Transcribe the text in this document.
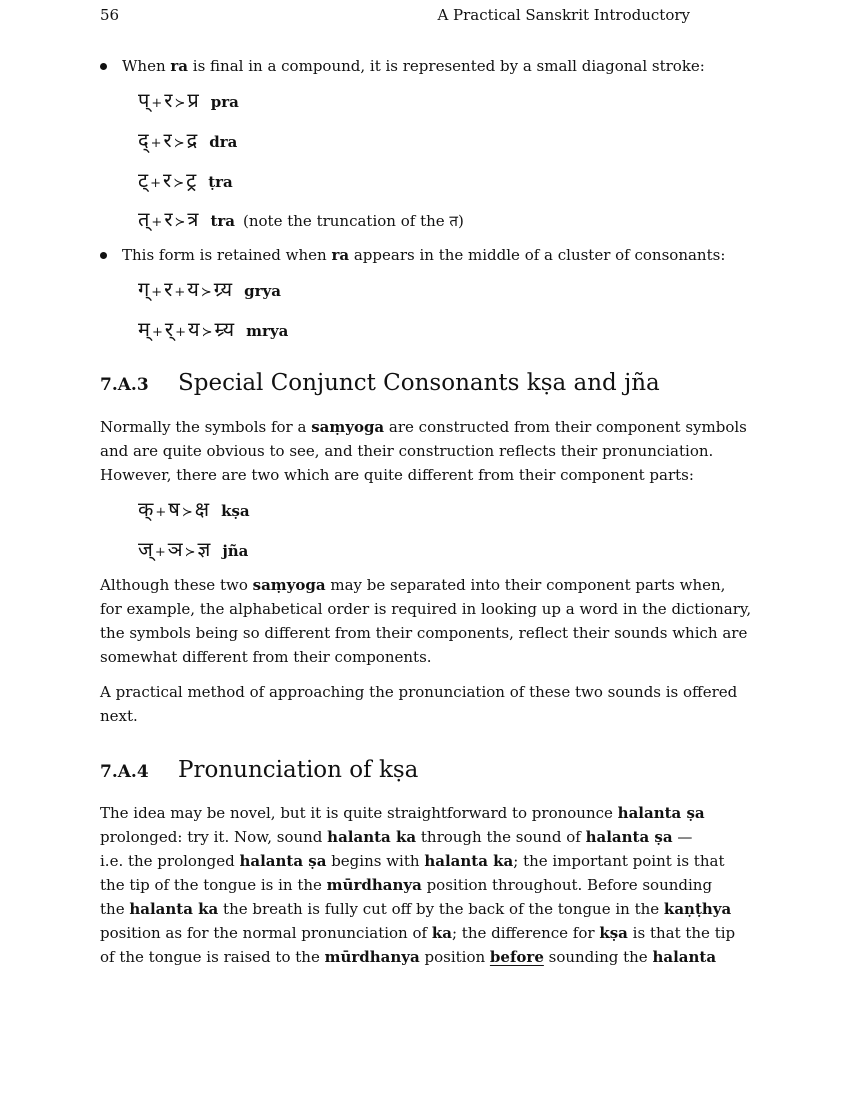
56	A Practical Sanskrit Introductory
When ra is final in a compound, it is represented by a small diagonal stroke:
प् + र ≻ प्र pra
द् + र ≻ द्र dra
ट् + र ≻ ट्र ṭra
त् + र ≻ त्र tra (note the truncation of the त)
This form is retained when ra appears in the middle of a cluster of consonants:
ग् + र + य ≻ ग्र्य grya
म् + र् + य ≻ म्र्य mrya
7.A.3 Special Conjunct Consonants kṣa and jña
Normally the symbols for a saṃyoga are constructed from their component symbols
and are quite obvious to see, and their construction reflects their pronunciation.
However, there are two which are quite different from their component parts:
क् + ष ≻ क्ष kṣa
ज् + ञ ≻ ज्ञ jña
Although these two saṃyoga may be separated into their component parts when,
for example, the alphabetical order is required in looking up a word in the dictionary,
the symbols being so different from their components, reflect their sounds which are
somewhat different from their components.
A practical method of approaching the pronunciation of these two sounds is offered
next.
7.A.4 Pronunciation of kṣa
The idea may be novel, but it is quite straightforward to pronounce halanta ṣa
prolonged: try it. Now, sound halanta ka through the sound of halanta ṣa —
i.e. the prolonged halanta ṣa begins with halanta ka; the important point is that
the tip of the tongue is in the mūrdhanya position throughout. Before sounding
the halanta ka the breath is fully cut off by the back of the tongue in the kaṇṭhya
position as for the normal pronunciation of ka; the difference for kṣa is that the tip
of the tongue is raised to the mūrdhanya position before sounding the halanta
